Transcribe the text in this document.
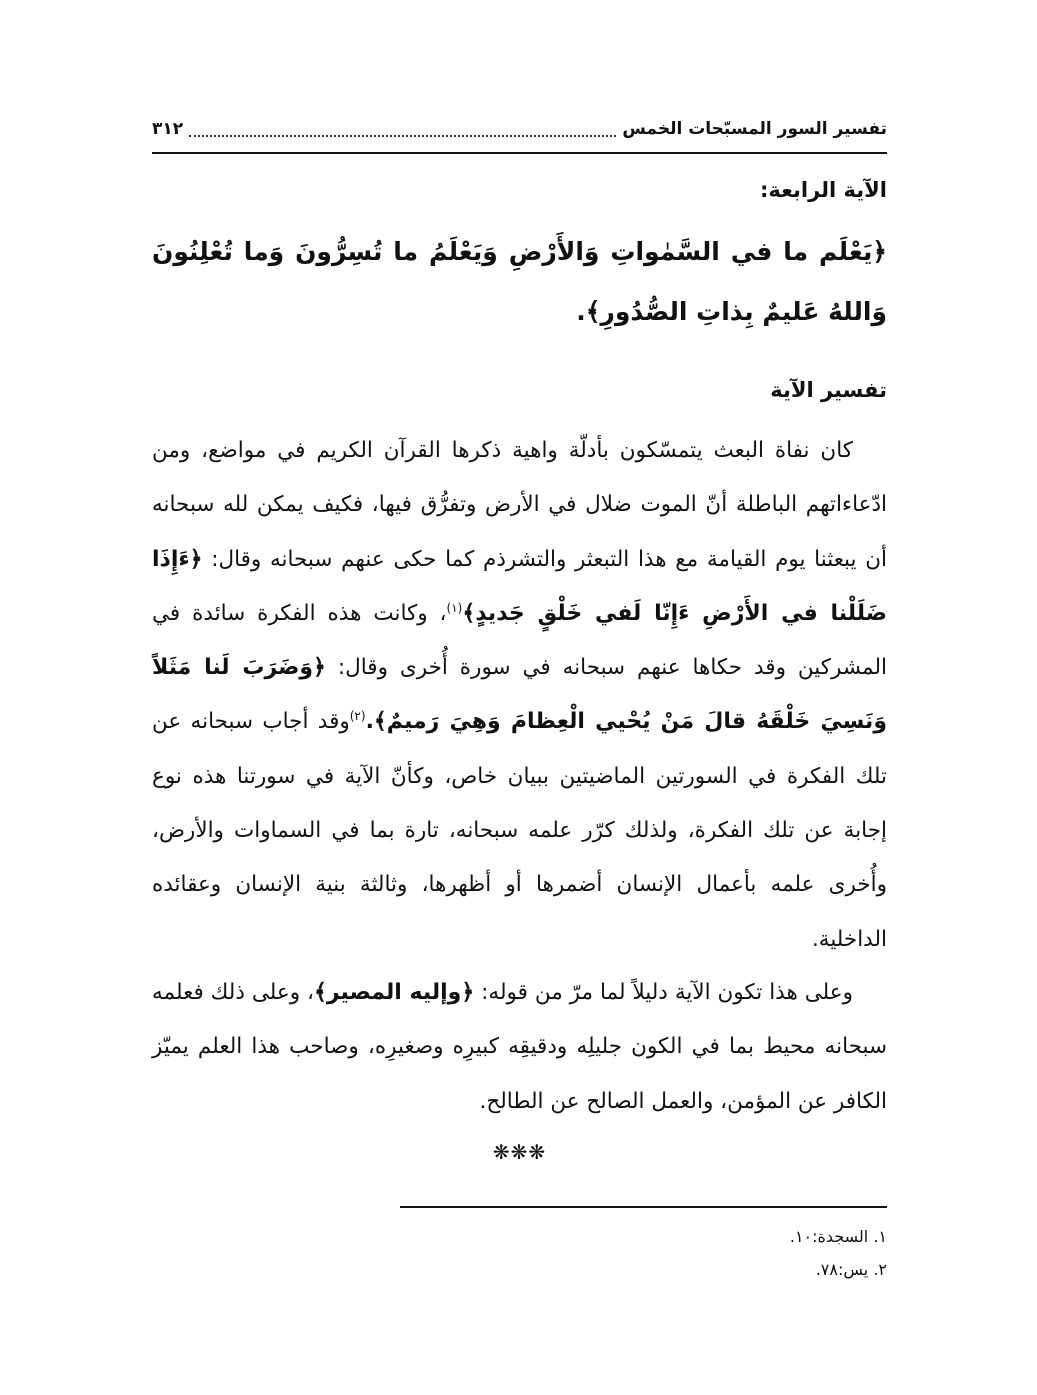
تفسير السور المسبّحات الخمس
٣١٢
الآية الرابعة:

﴿يَعْلَم ما في السَّمٰواتِ وَالأَرْضِ وَيَعْلَمُ ما تُسِرُّونَ وَما تُعْلِنُونَ وَاللهُ عَليمٌ بِذاتِ الصُّدُورِ﴾.

تفسير الآية

كان نفاة البعث يتمسّكون بأدلّة واهية ذكرها القرآن الكريم في مواضع، ومن ادّعاءاتهم الباطلة أنّ الموت ضلال في الأرض وتفرُّق فيها، فكيف يمكن لله سبحانه أن يبعثنا يوم القيامة مع هذا التبعثر والتشرذم كما حكى عنهم سبحانه وقال: ﴿ءَإِذَا ضَلَلْنا في الأَرْضِ ءَإِنّا لَفي خَلْقٍ جَديدٍ﴾$^{(١)}$، وكانت هذه الفكرة سائدة في المشركين وقد حكاها عنهم سبحانه في سورة أُخرى وقال: ﴿وَضَرَبَ لَنا مَثَلاً وَنَسِيَ خَلْقَهُ قالَ مَنْ يُحْيي الْعِظامَ وَهِيَ رَميمٌ﴾.$^{(٢)}$وقد أجاب سبحانه عن تلك الفكرة في السورتين الماضيتين ببيان خاص، وكأنّ الآية في سورتنا هذه نوع إجابة عن تلك الفكرة، ولذلك كرّر علمه سبحانه، تارة بما في السماوات والأرض، وأُخرى علمه بأعمال الإنسان أضمرها أو أظهرها، وثالثة بنية الإنسان وعقائده الداخلية.

وعلى هذا تكون الآية دليلاً لما مرّ من قوله: ﴿وإليه المصير﴾، وعلى ذلك فعلمه سبحانه محيط بما في الكون جليلِه ودقيقِه كبيرِه وصغيرِه، وصاحب هذا العلم يميّز الكافر عن المؤمن، والعمل الصالح عن الطالح.

❋❋❋
١. السجدة:١٠.
٢. يس:٧٨.
